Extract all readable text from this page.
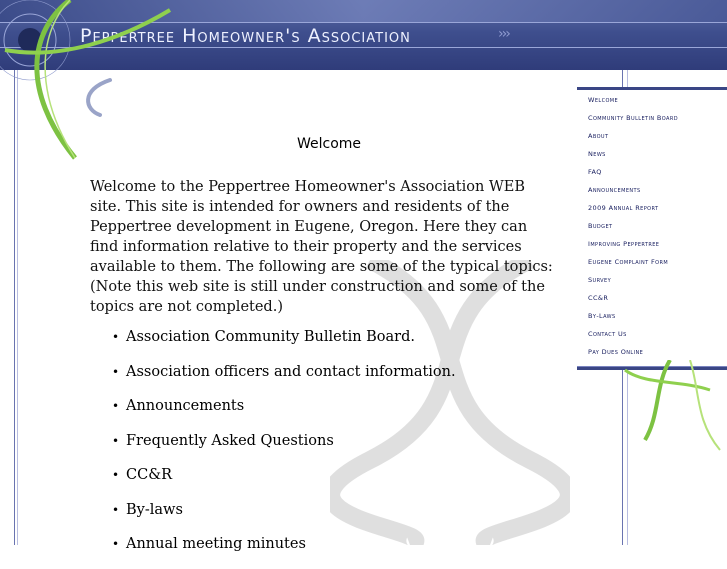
Peppertree Homeowner's Association	›››
Welcome

Welcome to the Peppertree Homeowner's Association WEB site. This site is intended for owners and residents of the Peppertree development in Eugene, Oregon. Here they can find information relative to their property and the services available to them. The following are some of the typical topics: (Note this web site is still under construction and some of the topics are not completed.)

• Association Community Bulletin Board.
• Association officers and contact information.
• Announcements
• Frequently Asked Questions
• CC&R
• By-laws
• Annual meeting minutes
Welcome
Community Bulletin Board
About
News
FAQ
Announcements
2009 Annual Report
Budget
Improving Peppertree
Eugene Complaint Form
Survey
CC&R
By-Laws
Contact Us
Pay Dues Online
